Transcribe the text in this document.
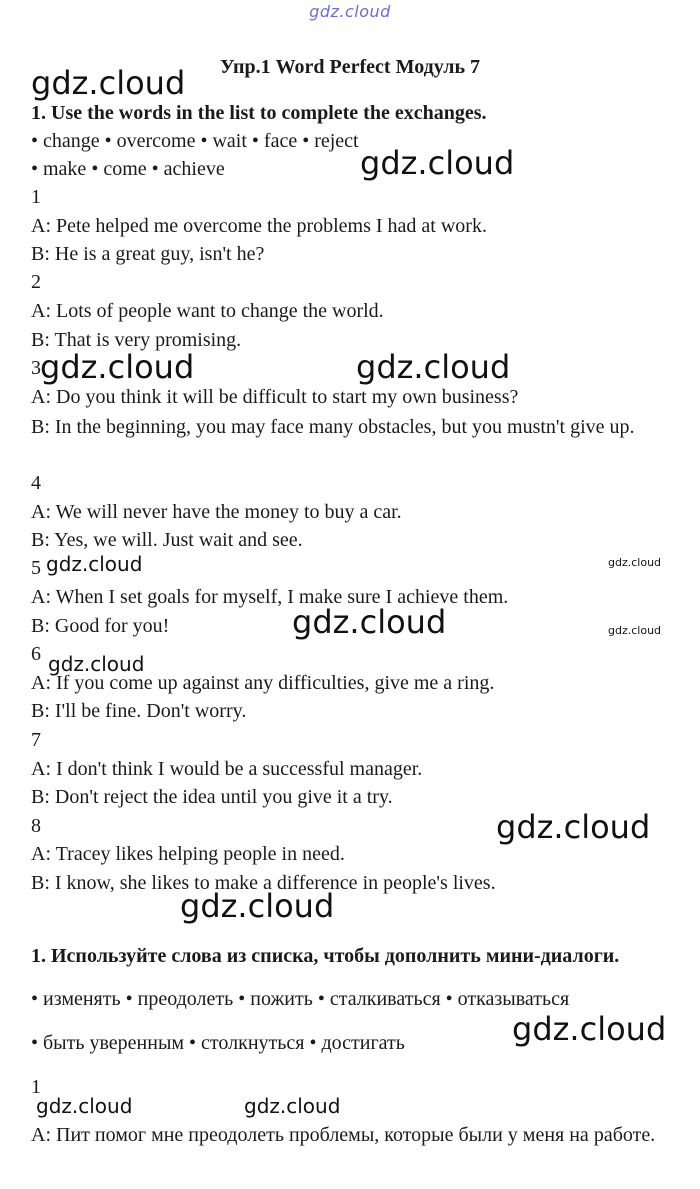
gdz.cloud
Упр.1 Word Perfect Модуль 7
1. Use the words in the list to complete the exchanges.
• change • overcome • wait • face • reject
• make • come • achieve
1
A: Pete helped me overcome the problems I had at work.
B: He is a great guy, isn't he?
2
A: Lots of people want to change the world.
B: That is very promising.
3
A: Do you think it will be difficult to start my own business?
B: In the beginning, you may face many obstacles, but you mustn't give up.
4
A: We will never have the money to buy a car.
B: Yes, we will. Just wait and see.
5
A: When I set goals for myself, I make sure I achieve them.
B: Good for you!
6
A: If you come up against any difficulties, give me a ring.
B: I'll be fine. Don't worry.
7
A: I don't think I would be a successful manager.
B: Don't reject the idea until you give it a try.
8
A: Tracey likes helping people in need.
B: I know, she likes to make a difference in people's lives.
1. Используйте слова из списка, чтобы дополнить мини-диалоги.
• изменять • преодолеть • пожить • сталкиваться • отказываться
• быть уверенным • столкнуться • достигать
1
А: Пит помог мне преодолеть проблемы, которые были у меня на работе.
gdz.cloud
gdz.cloud
gdz.cloud	gdz.cloud
gdz.cloud	gdz.cloud
gdz.cloud	gdz.cloud
gdz.cloud
gdz.cloud
gdz.cloud
gdz.cloud
gdz.cloud	gdz.cloud
